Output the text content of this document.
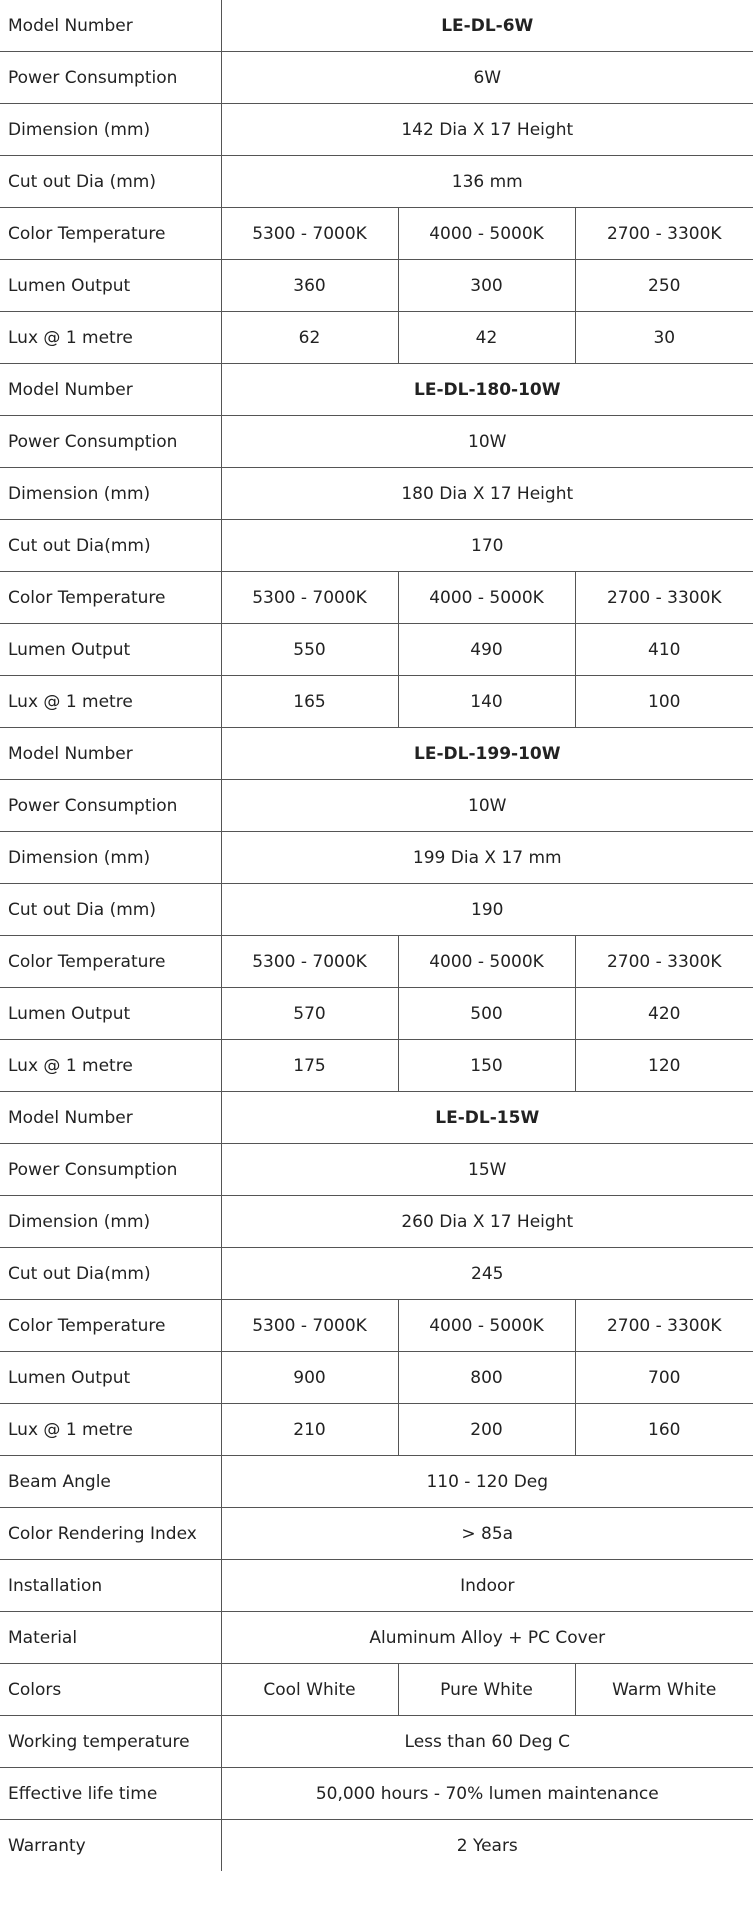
Model Number	LE-DL-6W		
Power Consumption	6W		
Dimension (mm)	142 Dia X 17 Height		
Cut out Dia (mm)	136 mm		
Color Temperature	5300 - 7000K	4000 - 5000K	2700 - 3300K
Lumen Output	360	300	250
Lux @ 1 metre	62	42	30
Model Number	LE-DL-180-10W		
Power Consumption	10W		
Dimension (mm)	180 Dia X 17 Height		
Cut out Dia(mm)	170		
Color Temperature	5300 - 7000K	4000 - 5000K	2700 - 3300K
Lumen Output	550	490	410
Lux @ 1 metre	165	140	100
Model Number	LE-DL-199-10W		
Power Consumption	10W		
Dimension (mm)	199 Dia X 17 mm		
Cut out Dia (mm)	190		
Color Temperature	5300 - 7000K	4000 - 5000K	2700 - 3300K
Lumen Output	570	500	420
Lux @ 1 metre	175	150	120
Model Number	LE-DL-15W		
Power Consumption	15W		
Dimension (mm)	260 Dia X 17 Height		
Cut out Dia(mm)	245		
Color Temperature	5300 - 7000K	4000 - 5000K	2700 - 3300K
Lumen Output	900	800	700
Lux @ 1 metre	210	200	160
Beam Angle	110 - 120 Deg		
Color Rendering Index	> 85a		
Installation	Indoor		
Material	Aluminum Alloy + PC Cover		
Colors	Cool White	Pure White	Warm White
Working temperature	Less than 60 Deg C		
Effective life time	50,000 hours - 70% lumen maintenance		
Warranty	2 Years		
